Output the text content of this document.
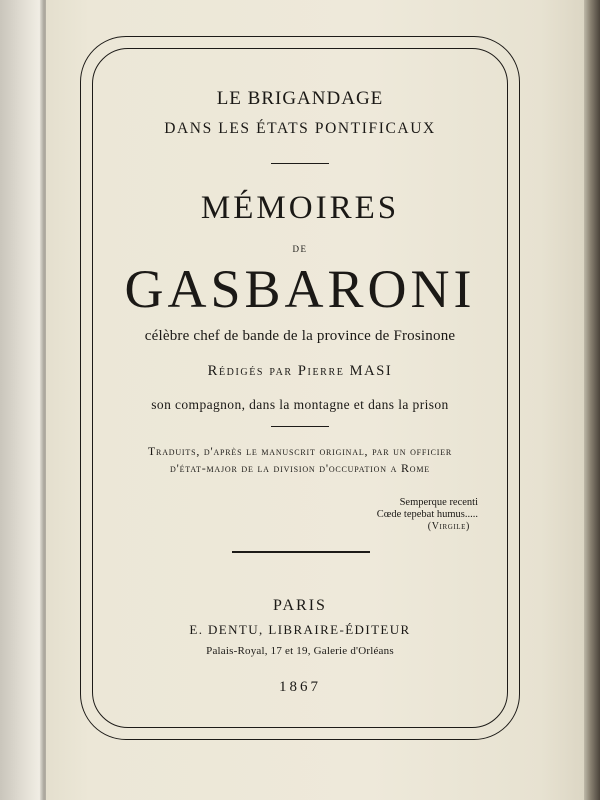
LE BRIGANDAGE
DANS LES ÉTATS PONTIFICAUX
MÉMOIRES
DE
GASBARONI
célèbre chef de bande de la province de Frosinone
Rédigés par Pierre MASI
son compagnon, dans la montagne et dans la prison
Traduits, d'après le manuscrit original, par un officier
d'état-major de la division d'occupation a Rome
Semperque recenti
Cœde tepebat humus.....
(Virgile)
PARIS
E. DENTU, LIBRAIRE-ÉDITEUR
Palais-Royal, 17 et 19, Galerie d'Orléans
1867
